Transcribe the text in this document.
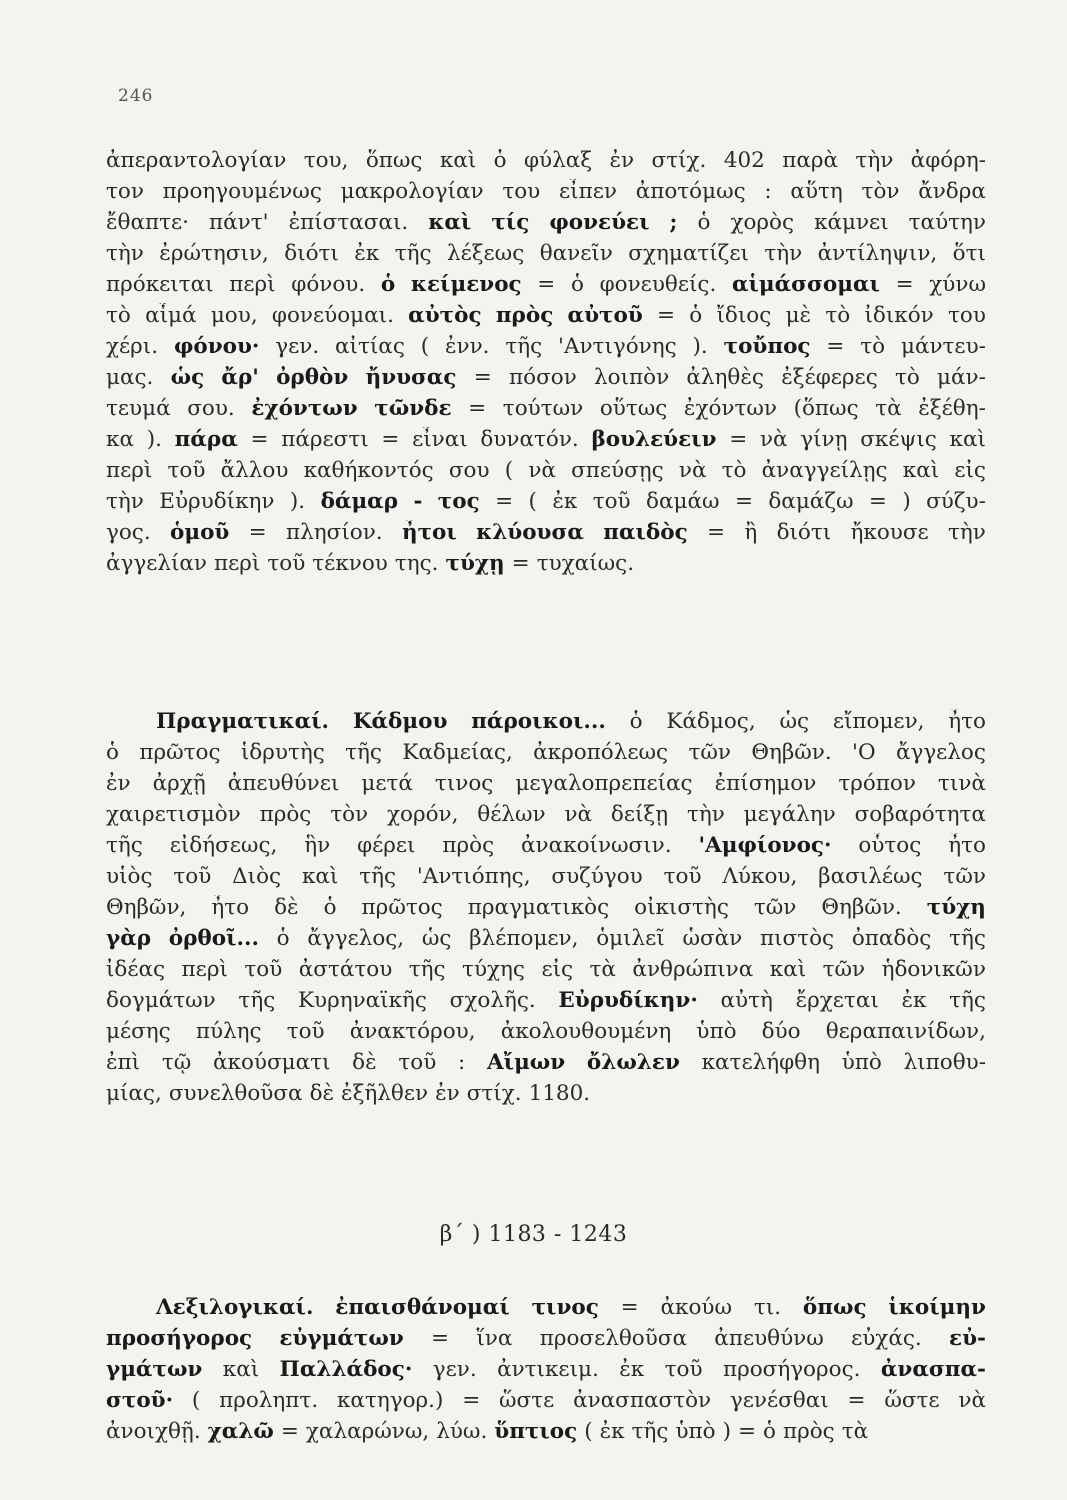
246
ἀπεραντολογίαν του, ὅπως καὶ ὁ φύλαξ ἐν στίχ. 402 παρὰ τὴν ἀφόρη-
τον προηγουμένως μακρολογίαν του εἶπεν ἀποτόμως : αὕτη τὸν ἄνδρα
ἔθαπτε· πάντ' ἐπίστασαι. καὶ τίς φονεύει ; ὁ χορὸς κάμνει ταύτην
τὴν ἐρώτησιν, διότι ἐκ τῆς λέξεως θανεῖν σχηματίζει τὴν ἀντίληψιν, ὅτι
πρόκειται περὶ φόνου. ὁ κείμενος = ὁ φονευθείς. αἱμάσσομαι = χύνω
τὸ αἷμά μου, φονεύομαι. αὐτὸς πρὸς αὐτοῦ = ὁ ἴδιος μὲ τὸ ἰδικόν του
χέρι. φόνου· γεν. αἰτίας ( ἐνν. τῆς 'Αντιγόνης ). τοὔπος = τὸ μάντευ-
μας. ὡς ἄρ' ὀρθὸν ἤνυσας = πόσον λοιπὸν ἀληθὲς ἐξέφερες τὸ μάν-
τευμά σου. ἐχόντων τῶνδε = τούτων οὕτως ἐχόντων (ὅπως τὰ ἐξέθη-
κα ). πάρα = πάρεστι = εἶναι δυνατόν. βουλεύειν = νὰ γίνῃ σκέψις καὶ
περὶ τοῦ ἄλλου καθήκοντός σου ( νὰ σπεύσῃς νὰ τὸ ἀναγγείλῃς καὶ εἰς
τὴν Εὐρυδίκην ). δάμαρ - τος = ( ἐκ τοῦ δαμάω = δαμάζω = ) σύζυ-
γος. ὁμοῦ = πλησίον. ἦτοι κλύουσα παιδὸς = ἢ διότι ἤκουσε τὴν
ἀγγελίαν περὶ τοῦ τέκνου της. τύχῃ = τυχαίως.
Πραγματικαί. Κάδμου πάροικοι... ὁ Κάδμος, ὡς εἴπομεν, ἦτο
ὁ πρῶτος ἱδρυτὴς τῆς Καδμείας, ἀκροπόλεως τῶν Θηβῶν. 'Ο ἄγγελος
ἐν ἀρχῇ ἀπευθύνει μετά τινος μεγαλοπρεπείας ἐπίσημον τρόπον τινὰ
χαιρετισμὸν πρὸς τὸν χορόν, θέλων νὰ δείξῃ τὴν μεγάλην σοβαρότητα
τῆς εἰδήσεως, ἣν φέρει πρὸς ἀνακοίνωσιν. 'Αμφίονος· οὗτος ἦτο
υἱὸς τοῦ Διὸς καὶ τῆς 'Αντιόπης, συζύγου τοῦ Λύκου, βασιλέως τῶν
Θηβῶν, ἦτο δὲ ὁ πρῶτος πραγματικὸς οἰκιστὴς τῶν Θηβῶν. τύχη
γὰρ ὀρθοῖ... ὁ ἄγγελος, ὡς βλέπομεν, ὁμιλεῖ ὡσὰν πιστὸς ὀπαδὸς τῆς
ἰδέας περὶ τοῦ ἀστάτου τῆς τύχης εἰς τὰ ἀνθρώπινα καὶ τῶν ἡδονικῶν
δογμάτων τῆς Κυρηναϊκῆς σχολῆς. Εὐρυδίκην· αὐτὴ ἔρχεται ἐκ τῆς
μέσης πύλης τοῦ ἀνακτόρου, ἀκολουθουμένη ὑπὸ δύο θεραπαινίδων,
ἐπὶ τῷ ἀκούσματι δὲ τοῦ : Αἴμων ὄλωλεν κατελήφθη ὑπὸ λιποθυ-
μίας, συνελθοῦσα δὲ ἐξῆλθεν ἐν στίχ. 1180.
β΄ ) 1183 - 1243
Λεξιλογικαί. ἐπαισθάνομαί τινος = ἀκούω τι. ὅπως ἱκοίμην
προσήγορος εὐγμάτων = ἵνα προσελθοῦσα ἀπευθύνω εὐχάς. εὐ-
γμάτων καὶ Παλλάδος· γεν. ἀντικειμ. ἐκ τοῦ προσήγορος. ἀνασπα-
στοῦ· ( προληπτ. κατηγορ.) = ὥστε ἀνασπαστὸν γενέσθαι = ὥστε νὰ
ἀνοιχθῇ. χαλῶ = χαλαρώνω, λύω. ὕπτιος ( ἐκ τῆς ὑπὸ ) = ὁ πρὸς τὰ
